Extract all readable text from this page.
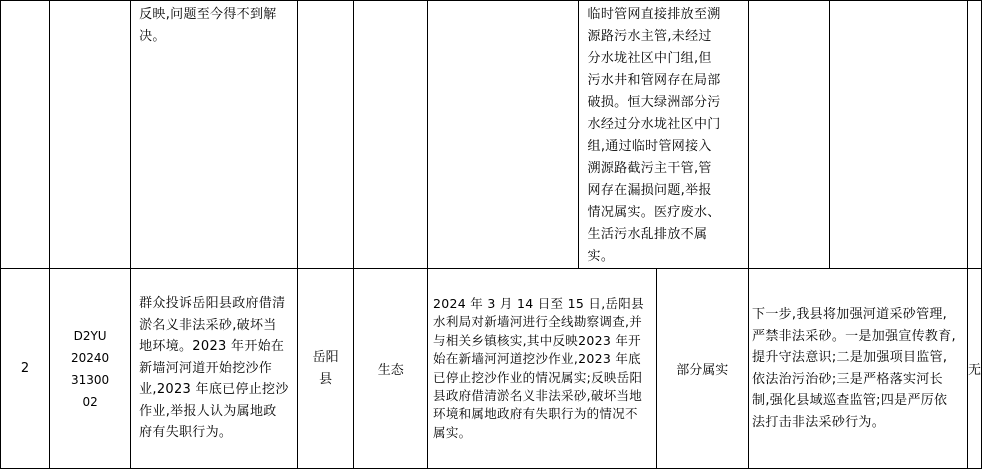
		反映,问题至今得不到解决。				临时管网直接排放至溯源路污水主管,未经过分水垅社区中门组,但污水井和管网存在局部破损。恒大绿洲部分污水经过分水垅社区中门组,通过临时管网接入溯源路截污主干管,管网存在漏损问题,举报情况属实。医疗废水、生活污水乱排放不属实。				
2	D2YU
20240
31300
02	群众投诉岳阳县政府借清淤名义非法采砂,破坏当地环境。2023 年开始在新墙河河道开始挖沙作业,2023 年底已停止挖沙作业,举报人认为属地政府有失职行为。	岳阳县	生态	2024 年 3 月 14 日至 15 日,岳阳县水利局对新墙河进行全线勘察调查,并与相关乡镇核实,其中反映2023 年开始在新墙河河道挖沙作业,2023 年底已停止挖沙作业的情况属实;反映岳阳县政府借清淤名义非法采砂,破坏当地环境和属地政府有失职行为的情况不属实。		部分属实	下一步,我县将加强河道采砂管理,严禁非法采砂。一是加强宣传教育,提升守法意识;二是加强项目监管,依法治污治砂;三是严格落实河长制,强化县域巡查监管;四是严厉依法打击非法采砂行为。		无
